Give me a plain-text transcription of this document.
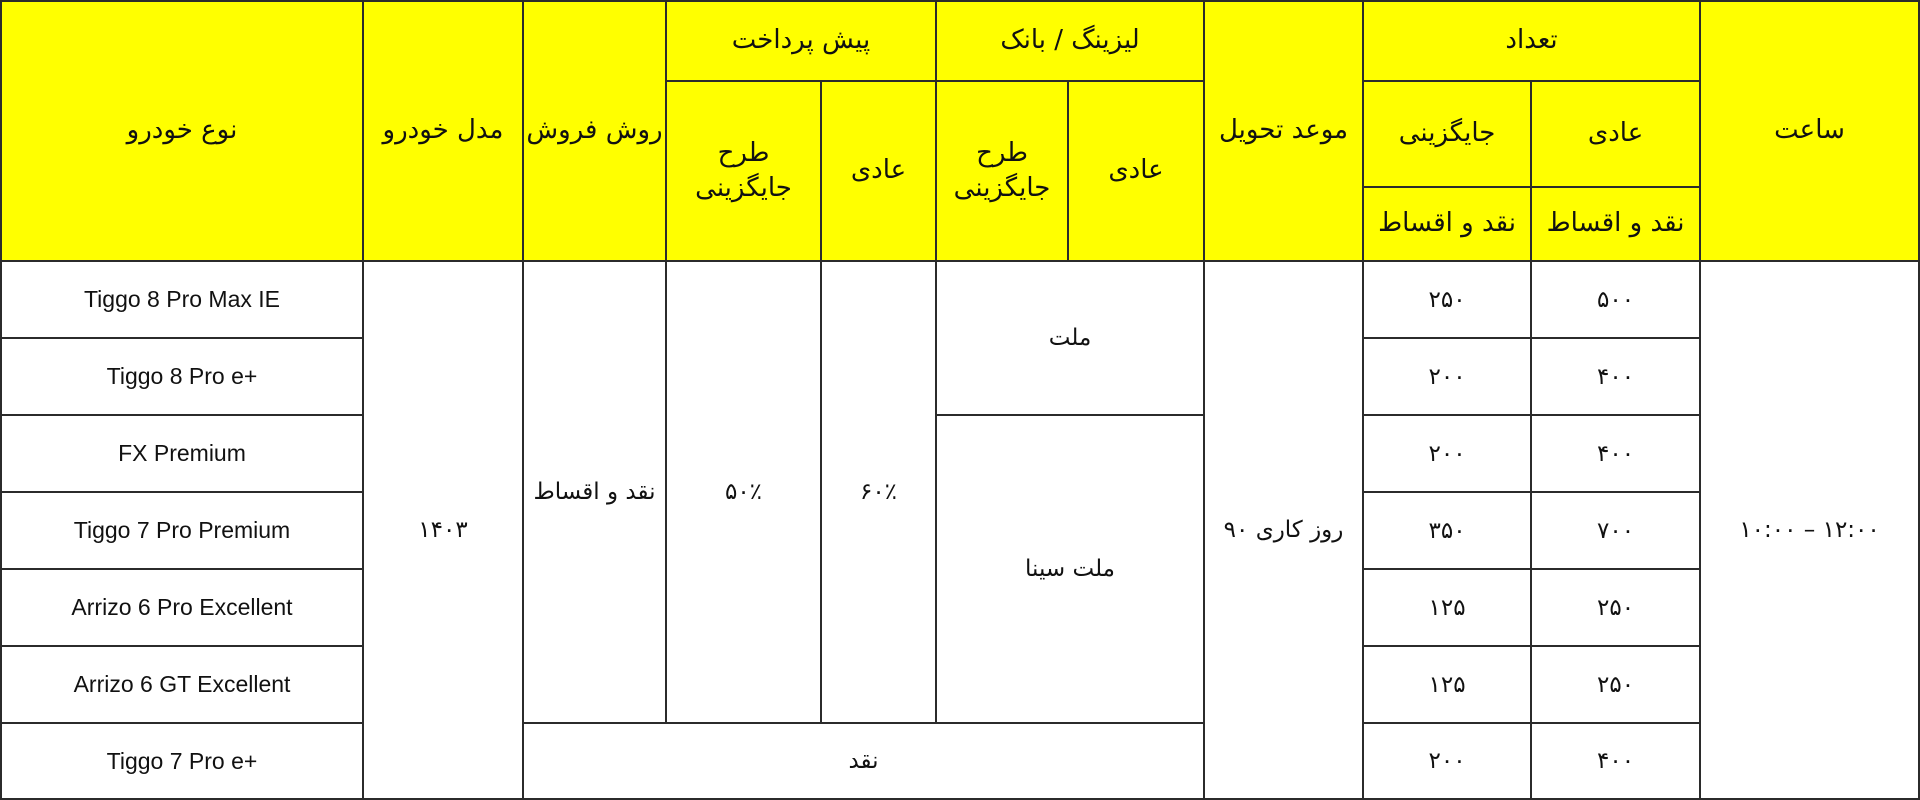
نوع خودرو	مدل خودرو	روش فروش	پیش پرداخت		لیزینگ / بانک		موعد تحویل	تعداد		ساعت
			طرح جایگزینی	عادی	طرح جایگزینی	عادی		جایگزینی	عادی	
								نقد و اقساط	نقد و اقساط	
Tiggo 8 Pro Max IE	۱۴۰۳	نقد و اقساط	۵۰٪	۶۰٪	ملت		۹۰ روز کاری	۲۵۰	۵۰۰	۱۰:۰۰ – ۱۲:۰۰
Tiggo 8 Pro e+								۲۰۰	۴۰۰	
FX Premium					ملت سینا			۲۰۰	۴۰۰	
Tiggo 7 Pro Premium								۳۵۰	۷۰۰	
Arrizo 6 Pro Excellent								۱۲۵	۲۵۰	
Arrizo 6 GT Excellent								۱۲۵	۲۵۰	
Tiggo 7 Pro e+		نقد						۲۰۰	۴۰۰	
